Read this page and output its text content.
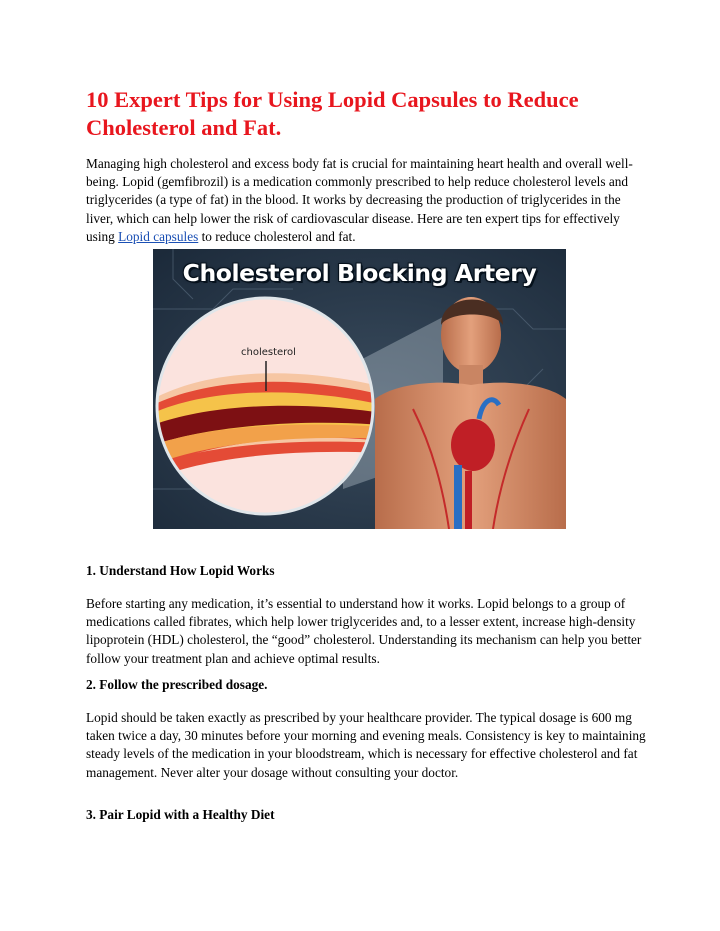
10 Expert Tips for Using Lopid Capsules to Reduce Cholesterol and Fat.

Managing high cholesterol and excess body fat is crucial for maintaining heart health and overall well-being. Lopid (gemfibrozil) is a medication commonly prescribed to help reduce cholesterol levels and triglycerides (a type of fat) in the blood. It works by decreasing the production of triglycerides in the liver, which can help lower the risk of cardiovascular disease. Here are ten expert tips for effectively using Lopid capsules to reduce cholesterol and fat.

Cholesterol Blocking Artery
cholesterol
1. Understand How Lopid Works

Before starting any medication, it’s essential to understand how it works. Lopid belongs to a group of medications called fibrates, which help lower triglycerides and, to a lesser extent, increase high-density lipoprotein (HDL) cholesterol, the “good” cholesterol. Understanding its mechanism can help you better follow your treatment plan and achieve optimal results.

2. Follow the prescribed dosage.

Lopid should be taken exactly as prescribed by your healthcare provider. The typical dosage is 600 mg taken twice a day, 30 minutes before your morning and evening meals. Consistency is key to maintaining steady levels of the medication in your bloodstream, which is necessary for effective cholesterol and fat management. Never alter your dosage without consulting your doctor.

3. Pair Lopid with a Healthy Diet
